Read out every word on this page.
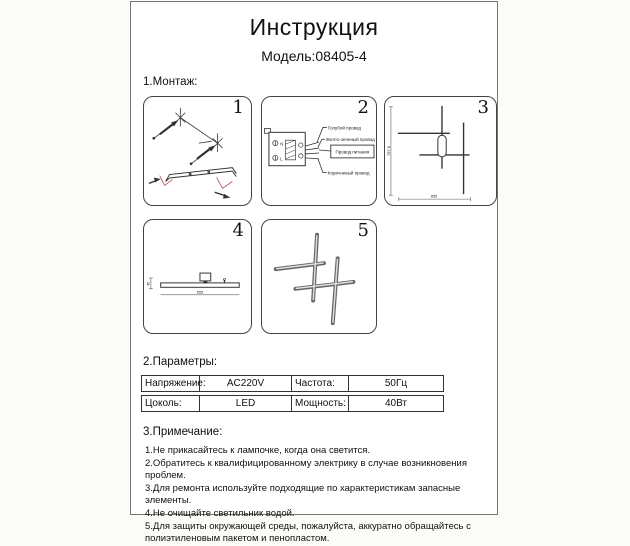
Инструкция
Модель:08405-4
1.Монтаж:
1
N
L
Голубой провод
Желто-зеленый провод
Провод питания
Коричневый провод
2
797.8
655
3
45
655
4	5
2.Параметры:
Напряжение:	AC220V	Частота:	50Гц
Цоколь:	LED	Мощность:	40Вт
3.Примечание:
1.Не прикасайтесь к лампочке, когда она светится.
2.Обратитесь к квалифицированному электрику в случае возникновения проблем.
3.Для ремонта используйте подходящие по характеристикам запасные элементы.
4.Не очищайте светильник водой.
5.Для защиты окружающей среды, пожалуйста, аккуратно обращайтесь с полиэтиленовым пакетом и пенопластом.
